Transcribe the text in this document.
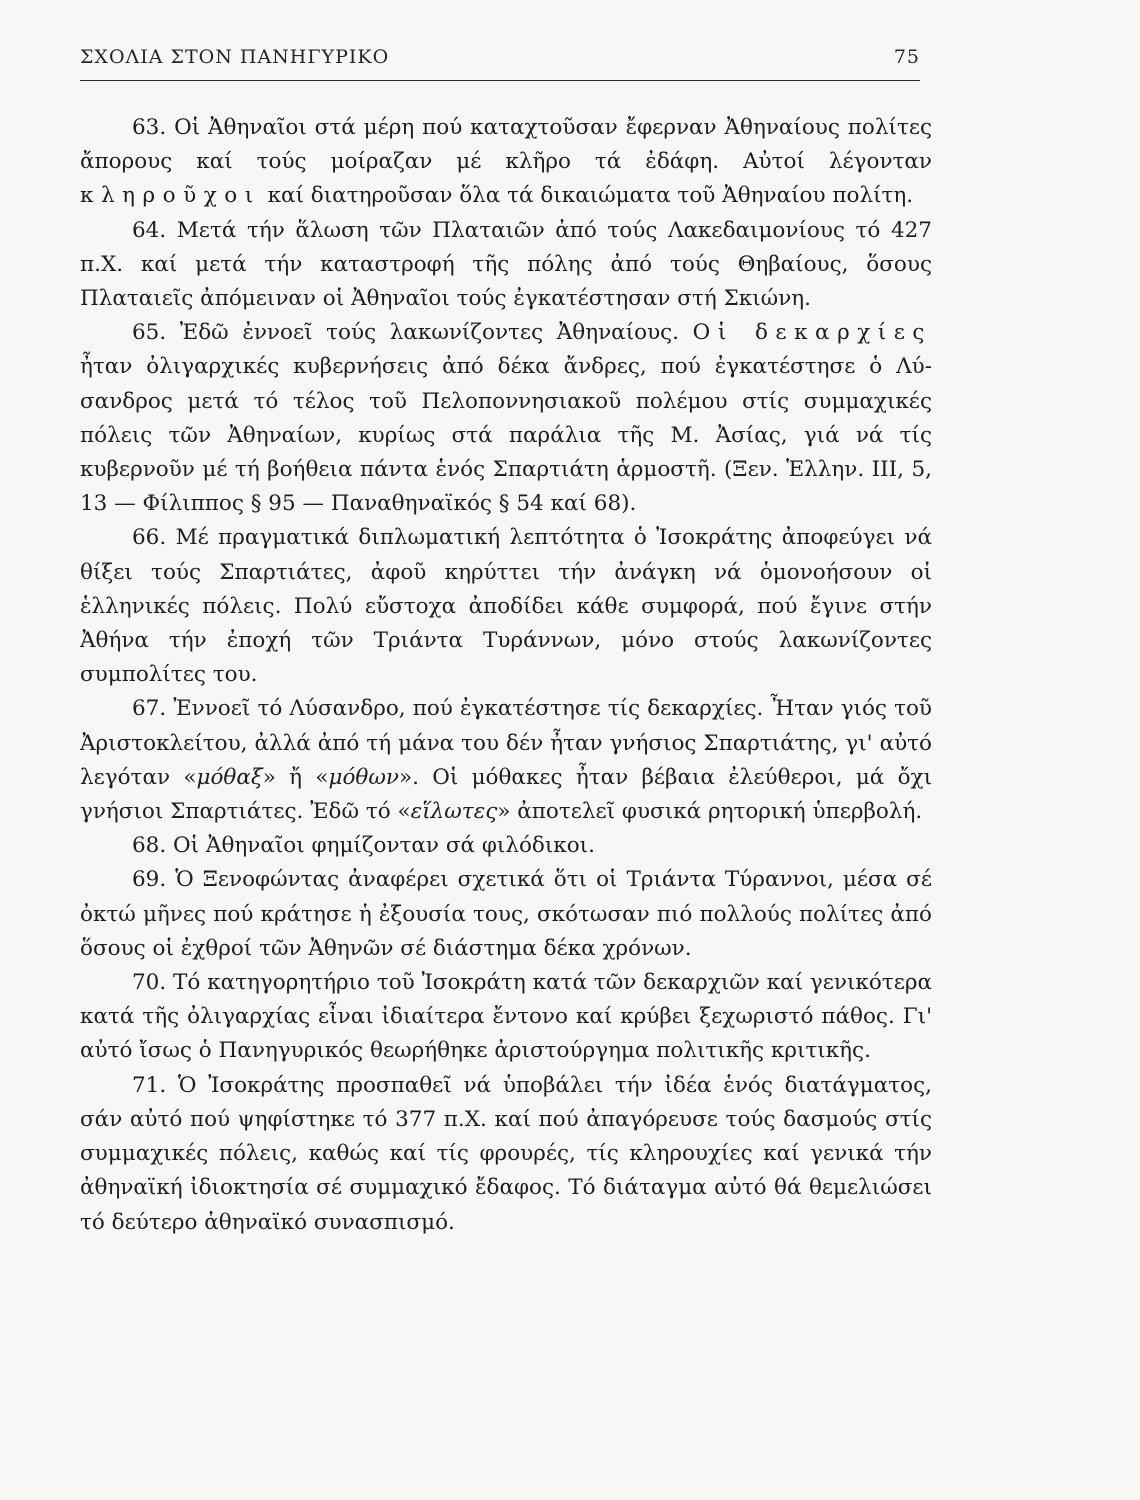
ΣΧΟΛΙΑ ΣΤΟΝ ΠΑΝΗΓΥΡΙΚΟ	75

63. Οἱ Ἀθηναῖοι στά μέρη πού καταχτοῦσαν ἔφερναν Ἀθηναίους πολίτες ἄπορους καί τούς μοίραζαν μέ κλῆρο τά ἐδάφη. Αὐτοί λέγονταν κληροῦχοι καί διατηροῦσαν ὅλα τά δικαιώματα τοῦ Ἀθηναίου πολίτη.

64. Μετά τήν ἅλωση τῶν Πλαταιῶν ἀπό τούς Λακεδαιμονίους τό 427 π.Χ. καί μετά τήν καταστροφή τῆς πόλης ἀπό τούς Θηβαίους, ὅσους Πλαταιεῖς ἀπόμειναν οἱ Ἀθηναῖοι τούς ἐγκατέστησαν στή Σκιώνη.

65. Ἐδῶ ἐννοεῖ τούς λακωνίζοντες Ἀθηναίους. Οἱ δεκαρχίες ἦταν ὀλιγαρχικές κυβερνήσεις ἀπό δέκα ἄνδρες, πού ἐγκατέστησε ὁ Λύσανδρος μετά τό τέλος τοῦ Πελοποννησιακοῦ πολέμου στίς συμμαχικές πόλεις τῶν Ἀθηναίων, κυρίως στά παράλια τῆς Μ. Ἀσίας, γιά νά τίς κυβερνοῦν μέ τή βοήθεια πάντα ἑνός Σπαρτιάτη ἁρμοστῆ. (Ξεν. Ἑλλην. III, 5, 13 — Φίλιππος § 95 — Παναθηναϊκός § 54 καί 68).

66. Μέ πραγματικά διπλωματική λεπτότητα ὁ Ἰσοκράτης ἀποφεύγει νά θίξει τούς Σπαρτιάτες, ἀφοῦ κηρύττει τήν ἀνάγκη νά ὁμονοήσουν οἱ ἑλληνικές πόλεις. Πολύ εὔστοχα ἀποδίδει κάθε συμφορά, πού ἔγινε στήν Ἀθήνα τήν ἐποχή τῶν Τριάντα Τυράννων, μόνο στούς λακωνίζοντες συμπολίτες του.

67. Ἐννοεῖ τό Λύσανδρο, πού ἐγκατέστησε τίς δεκαρχίες. Ἦταν γιός τοῦ Ἀριστοκλείτου, ἀλλά ἀπό τή μάνα του δέν ἦταν γνήσιος Σπαρτιάτης, γι' αὐτό λεγόταν «μόθαξ» ἤ «μόθων». Οἱ μόθακες ἦταν βέβαια ἐλεύθεροι, μά ὄχι γνήσιοι Σπαρτιάτες. Ἐδῶ τό «εἵλωτες» ἀποτελεῖ φυσικά ρητορική ὑπερβολή.

68. Οἱ Ἀθηναῖοι φημίζονταν σά φιλόδικοι.

69. Ὁ Ξενοφώντας ἀναφέρει σχετικά ὅτι οἱ Τριάντα Τύραννοι, μέσα σέ ὀκτώ μῆνες πού κράτησε ἡ ἐξουσία τους, σκότωσαν πιό πολλούς πολίτες ἀπό ὅσους οἱ ἐχθροί τῶν Ἀθηνῶν σέ διάστημα δέκα χρόνων.

70. Τό κατηγορητήριο τοῦ Ἰσοκράτη κατά τῶν δεκαρχιῶν καί γενικότερα κατά τῆς ὀλιγαρχίας εἶναι ἰδιαίτερα ἔντονο καί κρύβει ξεχωριστό πάθος. Γι' αὐτό ἴσως ὁ Πανηγυρικός θεωρήθηκε ἀριστούργημα πολιτικῆς κριτικῆς.

71. Ὁ Ἰσοκράτης προσπαθεῖ νά ὑποβάλει τήν ἰδέα ἑνός διατάγματος, σάν αὐτό πού ψηφίστηκε τό 377 π.Χ. καί πού ἀπαγόρευσε τούς δασμούς στίς συμμαχικές πόλεις, καθώς καί τίς φρουρές, τίς κληρουχίες καί γενικά τήν ἀθηναϊκή ἰδιοκτησία σέ συμμαχικό ἔδαφος. Τό διάταγμα αὐτό θά θεμελιώσει τό δεύτερο ἀθηναϊκό συνασπισμό.
